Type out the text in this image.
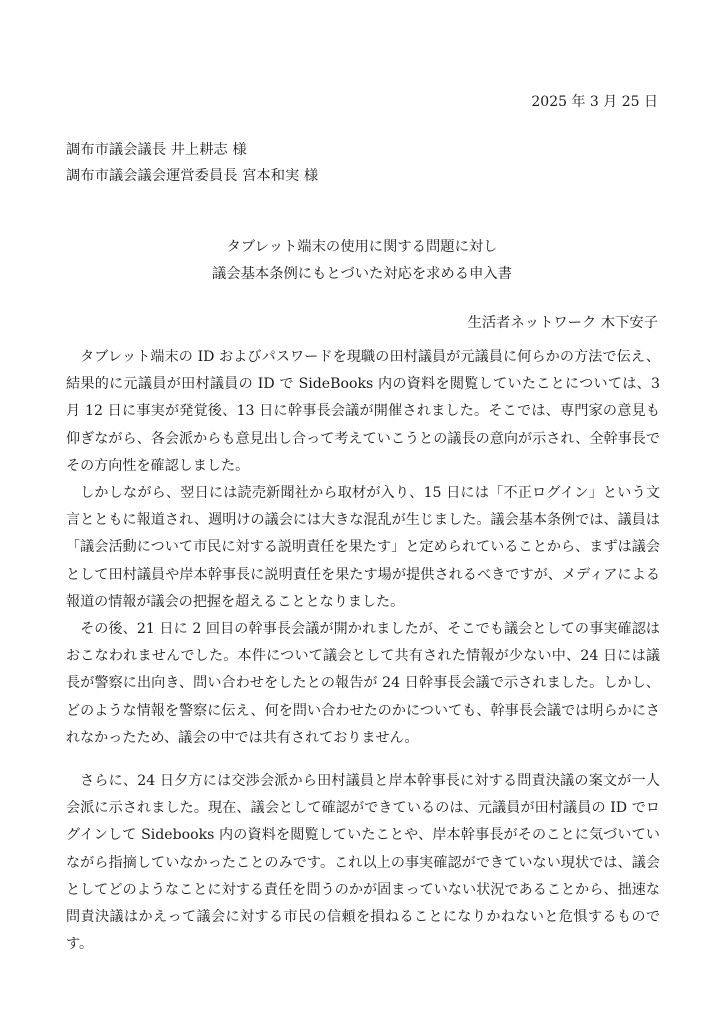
2025 年 3 月 25 日
調布市議会議長 井上耕志 様
調布市議会議会運営委員長 宮本和実 様
タブレット端末の使用に関する問題に対し
議会基本条例にもとづいた対応を求める申入書
生活者ネットワーク 木下安子

タブレット端末の ID およびパスワードを現職の田村議員が元議員に何らかの方法で伝え、結果的に元議員が田村議員の ID で SideBooks 内の資料を閲覧していたことについては、3 月 12 日に事実が発覚後、13 日に幹事長会議が開催されました。そこでは、専門家の意見も仰ぎながら、各会派からも意見出し合って考えていこうとの議長の意向が示され、全幹事長でその方向性を確認しました。

しかしながら、翌日には読売新聞社から取材が入り、15 日には「不正ログイン」という文言とともに報道され、週明けの議会には大きな混乱が生じました。議会基本条例では、議員は「議会活動について市民に対する説明責任を果たす」と定められていることから、まずは議会として田村議員や岸本幹事長に説明責任を果たす場が提供されるべきですが、メディアによる報道の情報が議会の把握を超えることとなりました。

その後、21 日に 2 回目の幹事長会議が開かれましたが、そこでも議会としての事実確認はおこなわれませんでした。本件について議会として共有された情報が少ない中、24 日には議長が警察に出向き、問い合わせをしたとの報告が 24 日幹事長会議で示されました。しかし、どのような情報を警察に伝え、何を問い合わせたのかについても、幹事長会議では明らかにされなかったため、議会の中では共有されておりません。

さらに、24 日夕方には交渉会派から田村議員と岸本幹事長に対する問責決議の案文が一人会派に示されました。現在、議会として確認ができているのは、元議員が田村議員の ID でログインして Sidebooks 内の資料を閲覧していたことや、岸本幹事長がそのことに気づいていながら指摘していなかったことのみです。これ以上の事実確認ができていない現状では、議会としてどのようなことに対する責任を問うのかが固まっていない状況であることから、拙速な問責決議はかえって議会に対する市民の信頼を損ねることになりかねないと危惧するものです。
